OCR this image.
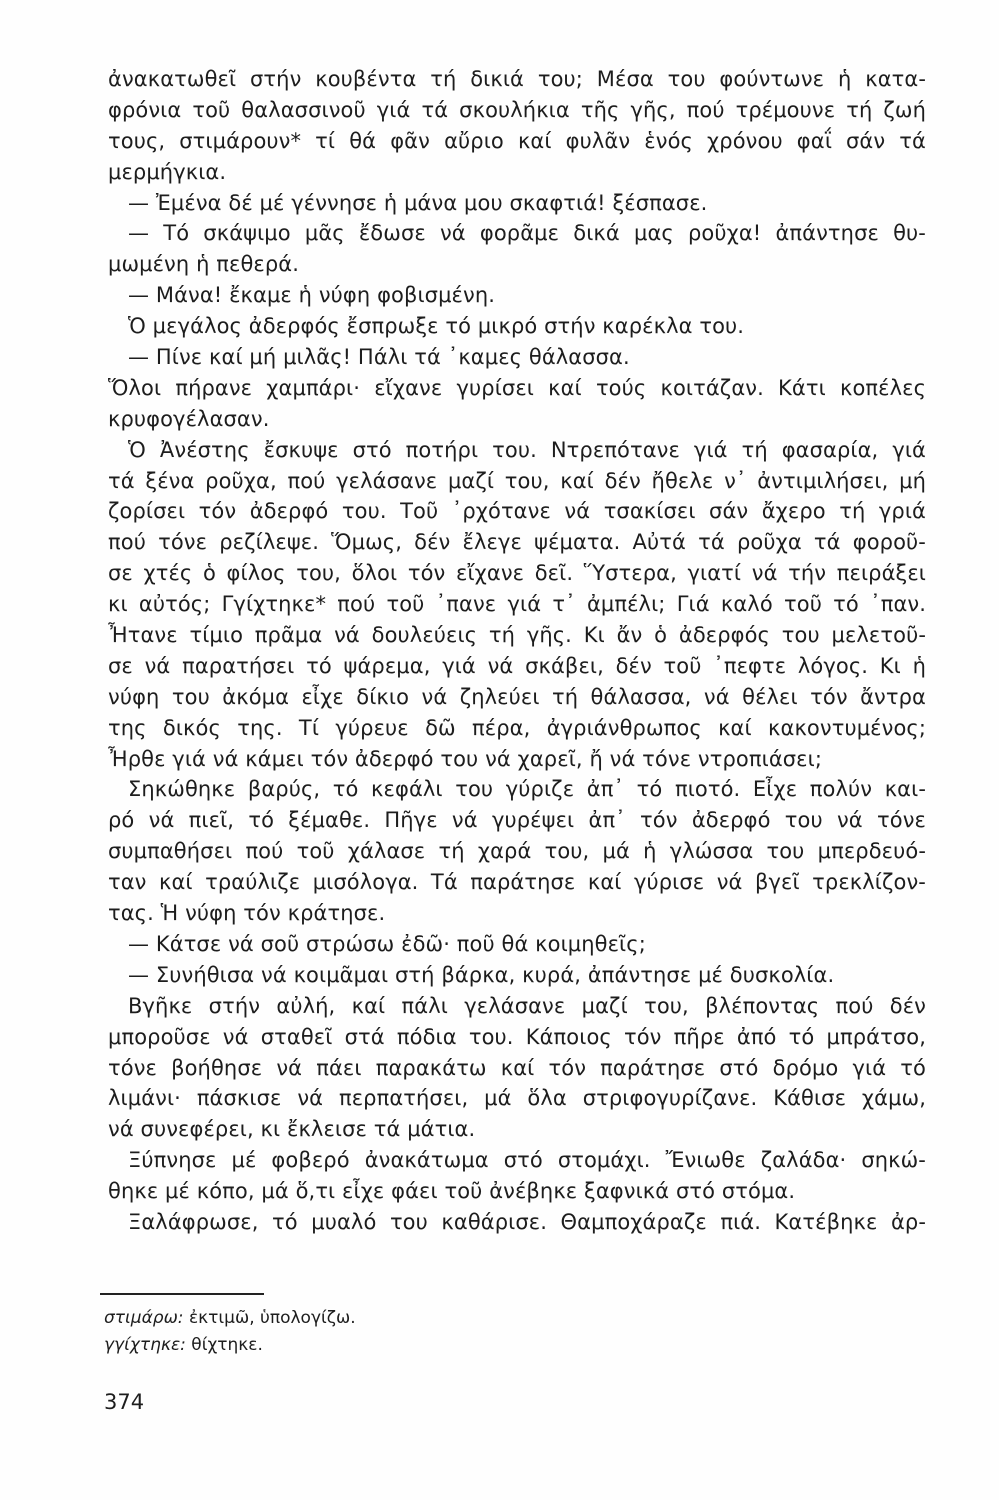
ἀνακατωθεῖ στήν κουβέντα τή δικιά του; Μέσα του φούντωνε ἡ κατα-
φρόνια τοῦ θαλασσινοῦ γιά τά σκουλήκια τῆς γῆς, πού τρέμουνε τή ζωή
τους, στιμάρουν* τί θά φᾶν αὔριο καί φυλᾶν ἑνός χρόνου φαΐ σάν τά
μερμήγκια.
— Ἐμένα δέ μέ γέννησε ἡ μάνα μου σκαφτιά! ξέσπασε.
— Τό σκάψιμο μᾶς ἔδωσε νά φορᾶμε δικά μας ροῦχα! ἀπάντησε θυ-
μωμένη ἡ πεθερά.
— Μάνα! ἔκαμε ἡ νύφη φοβισμένη.
Ὁ μεγάλος ἀδερφός ἔσπρωξε τό μικρό στήν καρέκλα του.
— Πίνε καί μή μιλᾶς! Πάλι τά ᾽καμες θάλασσα.
Ὅλοι πήρανε χαμπάρι· εἴχανε γυρίσει καί τούς κοιτάζαν. Κάτι κοπέλες
κρυφογέλασαν.
Ὁ Ἀνέστης ἔσκυψε στό ποτήρι του. Ντρεπότανε γιά τή φασαρία, γιά
τά ξένα ροῦχα, πού γελάσανε μαζί του, καί δέν ἤθελε ν᾽ ἀντιμιλήσει, μή
ζορίσει τόν ἀδερφό του. Τοῦ ᾽ρχότανε νά τσακίσει σάν ἄχερο τή γριά
πού τόνε ρεζίλεψε. Ὅμως, δέν ἔλεγε ψέματα. Αὐτά τά ροῦχα τά φοροῦ-
σε χτές ὁ φίλος του, ὅλοι τόν εἴχανε δεῖ. Ὕστερα, γιατί νά τήν πειράξει
κι αὐτός; Γγίχτηκε* πού τοῦ ᾽πανε γιά τ᾽ ἀμπέλι; Γιά καλό τοῦ τό ᾽παν.
Ἦτανε τίμιο πρᾶμα νά δουλεύεις τή γῆς. Κι ἄν ὁ ἀδερφός του μελετοῦ-
σε νά παρατήσει τό ψάρεμα, γιά νά σκάβει, δέν τοῦ ᾽πεφτε λόγος. Κι ἡ
νύφη του ἀκόμα εἶχε δίκιο νά ζηλεύει τή θάλασσα, νά θέλει τόν ἄντρα
της δικός της. Τί γύρευε δῶ πέρα, ἀγριάνθρωπος καί κακοντυμένος;
Ἦρθε γιά νά κάμει τόν ἀδερφό του νά χαρεῖ, ἤ νά τόνε ντροπιάσει;
Σηκώθηκε βαρύς, τό κεφάλι του γύριζε ἀπ᾽ τό πιοτό. Εἶχε πολύν και-
ρό νά πιεῖ, τό ξέμαθε. Πῆγε νά γυρέψει ἀπ᾽ τόν ἀδερφό του νά τόνε
συμπαθήσει πού τοῦ χάλασε τή χαρά του, μά ἡ γλώσσα του μπερδευό-
ταν καί τραύλιζε μισόλογα. Τά παράτησε καί γύρισε νά βγεῖ τρεκλίζον-
τας. Ἡ νύφη τόν κράτησε.
— Κάτσε νά σοῦ στρώσω ἐδῶ· ποῦ θά κοιμηθεῖς;
— Συνήθισα νά κοιμᾶμαι στή βάρκα, κυρά, ἀπάντησε μέ δυσκολία.
Βγῆκε στήν αὐλή, καί πάλι γελάσανε μαζί του, βλέποντας πού δέν
μποροῦσε νά σταθεῖ στά πόδια του. Κάποιος τόν πῆρε ἀπό τό μπράτσο,
τόνε βοήθησε νά πάει παρακάτω καί τόν παράτησε στό δρόμο γιά τό
λιμάνι· πάσκισε νά περπατήσει, μά ὅλα στριφογυρίζανε. Κάθισε χάμω,
νά συνεφέρει, κι ἔκλεισε τά μάτια.
Ξύπνησε μέ φοβερό ἀνακάτωμα στό στομάχι. Ἔνιωθε ζαλάδα· σηκώ-
θηκε μέ κόπο, μά ὅ,τι εἶχε φάει τοῦ ἀνέβηκε ξαφνικά στό στόμα.
Ξαλάφρωσε, τό μυαλό του καθάρισε. Θαμποχάραζε πιά. Κατέβηκε ἀρ-
στιμάρω: ἐκτιμῶ, ὑπολογίζω.
γγίχτηκε: θίχτηκε.
374
